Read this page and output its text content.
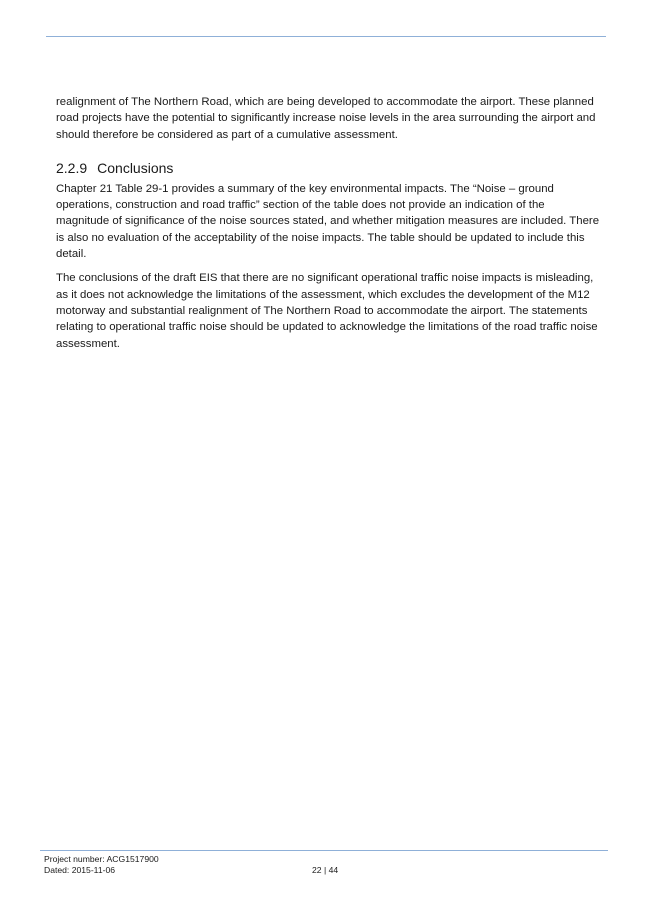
realignment of The Northern Road, which are being developed to accommodate the airport. These planned road projects have the potential to significantly increase noise levels in the area surrounding the airport and should therefore be considered as part of a cumulative assessment.

2.2.9 Conclusions

Chapter 21 Table 29-1 provides a summary of the key environmental impacts. The “Noise – ground operations, construction and road traffic” section of the table does not provide an indication of the magnitude of significance of the noise sources stated, and whether mitigation measures are included. There is also no evaluation of the acceptability of the noise impacts. The table should be updated to include this detail.

The conclusions of the draft EIS that there are no significant operational traffic noise impacts is misleading, as it does not acknowledge the limitations of the assessment, which excludes the development of the M12 motorway and substantial realignment of The Northern Road to accommodate the airport. The statements relating to operational traffic noise should be updated to acknowledge the limitations of the road traffic noise assessment.

Project number: ACG1517900
Dated: 2015-11-06	22 | 44
